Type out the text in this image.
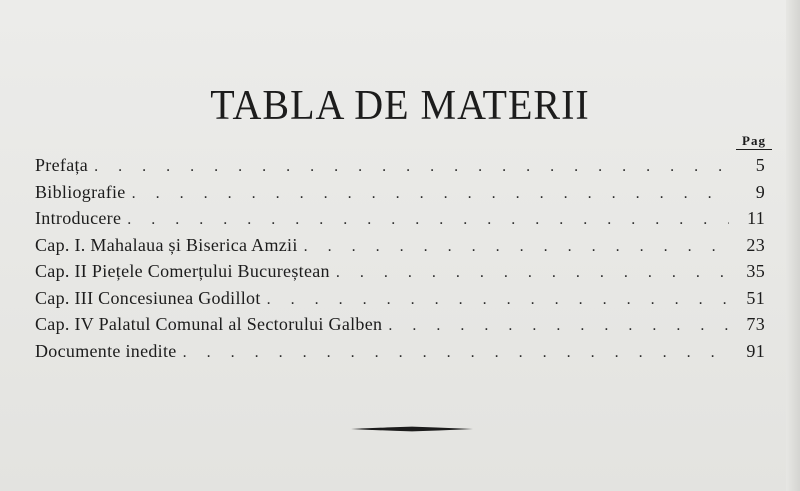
TABLA DE MATERII
Pag
Prefața . . .	5
Bibliografie . . .	9
Introducere . . .	11
Cap. I. Mahalaua și Biserica Amzii . . .	23
Cap. II Piețele Comerțului Bucureștean . . .	35
Cap. III Concesiunea Godillot . . .	51
Cap. IV Palatul Comunal al Sectorului Galben . . .	73
Documente inedite . . .	91
